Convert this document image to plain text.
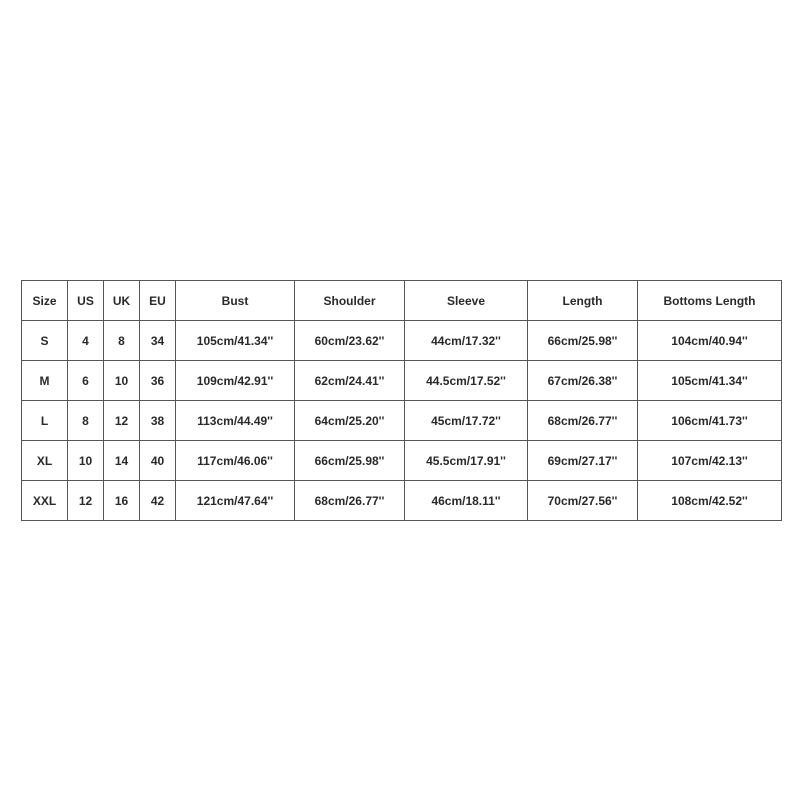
Size	US	UK	EU	Bust	Shoulder	Sleeve	Length	Bottoms Length
S	4	8	34	105cm/41.34''	60cm/23.62''	44cm/17.32''	66cm/25.98''	104cm/40.94''
M	6	10	36	109cm/42.91''	62cm/24.41''	44.5cm/17.52''	67cm/26.38''	105cm/41.34''
L	8	12	38	113cm/44.49''	64cm/25.20''	45cm/17.72''	68cm/26.77''	106cm/41.73''
XL	10	14	40	117cm/46.06''	66cm/25.98''	45.5cm/17.91''	69cm/27.17''	107cm/42.13''
XXL	12	16	42	121cm/47.64''	68cm/26.77''	46cm/18.11''	70cm/27.56''	108cm/42.52''
